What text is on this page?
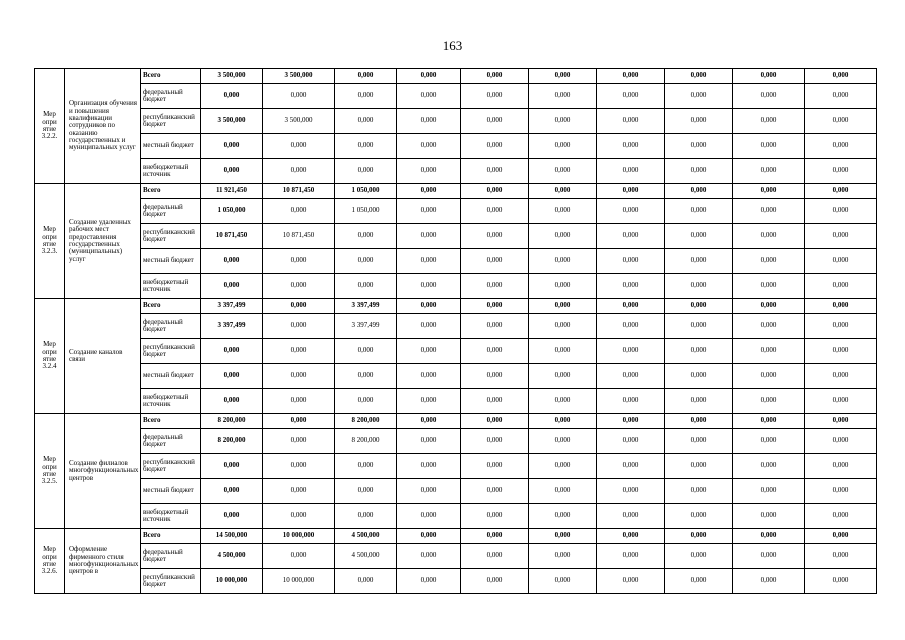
163
Мер
опри
ятие
3.2.2.	Организация обучения и повышения квалификации сотрудников по оказанию государственных и муниципальных услуг	Всего	3 500,000	3 500,000	0,000	0,000	0,000	0,000	0,000	0,000	0,000	0,000
		федеральный бюджет	0,000	0,000	0,000	0,000	0,000	0,000	0,000	0,000	0,000	0,000
		республиканский бюджет	3 500,000	3 500,000	0,000	0,000	0,000	0,000	0,000	0,000	0,000	0,000
		местный бюджет	0,000	0,000	0,000	0,000	0,000	0,000	0,000	0,000	0,000	0,000
		внебюджетный источник	0,000	0,000	0,000	0,000	0,000	0,000	0,000	0,000	0,000	0,000
Мер
опри
ятие
3.2.3.	Создание удаленных рабочих мест предоставления государственных (муниципальных) услуг	Всего	11 921,450	10 871,450	1 050,000	0,000	0,000	0,000	0,000	0,000	0,000	0,000
		федеральный бюджет	1 050,000	0,000	1 050,000	0,000	0,000	0,000	0,000	0,000	0,000	0,000
		республиканский бюджет	10 871,450	10 871,450	0,000	0,000	0,000	0,000	0,000	0,000	0,000	0,000
		местный бюджет	0,000	0,000	0,000	0,000	0,000	0,000	0,000	0,000	0,000	0,000
		внебюджетный источник	0,000	0,000	0,000	0,000	0,000	0,000	0,000	0,000	0,000	0,000
Мер
опри
ятие
3.2.4	Создание каналов связи	Всего	3 397,499	0,000	3 397,499	0,000	0,000	0,000	0,000	0,000	0,000	0,000
		федеральный бюджет	3 397,499	0,000	3 397,499	0,000	0,000	0,000	0,000	0,000	0,000	0,000
		республиканский бюджет	0,000	0,000	0,000	0,000	0,000	0,000	0,000	0,000	0,000	0,000
		местный бюджет	0,000	0,000	0,000	0,000	0,000	0,000	0,000	0,000	0,000	0,000
		внебюджетный источник	0,000	0,000	0,000	0,000	0,000	0,000	0,000	0,000	0,000	0,000
Мер
опри
ятие
3.2.5.	Создание филиалов многофункциональных центров	Всего	8 200,000	0,000	8 200,000	0,000	0,000	0,000	0,000	0,000	0,000	0,000
		федеральный бюджет	8 200,000	0,000	8 200,000	0,000	0,000	0,000	0,000	0,000	0,000	0,000
		республиканский бюджет	0,000	0,000	0,000	0,000	0,000	0,000	0,000	0,000	0,000	0,000
		местный бюджет	0,000	0,000	0,000	0,000	0,000	0,000	0,000	0,000	0,000	0,000
		внебюджетный источник	0,000	0,000	0,000	0,000	0,000	0,000	0,000	0,000	0,000	0,000
Мер
опри
ятие
3.2.6.	Оформление фирменного стиля многофункциональных центров в	Всего	14 500,000	10 000,000	4 500,000	0,000	0,000	0,000	0,000	0,000	0,000	0,000
		федеральный бюджет	4 500,000	0,000	4 500,000	0,000	0,000	0,000	0,000	0,000	0,000	0,000
		республиканский бюджет	10 000,000	10 000,000	0,000	0,000	0,000	0,000	0,000	0,000	0,000	0,000
